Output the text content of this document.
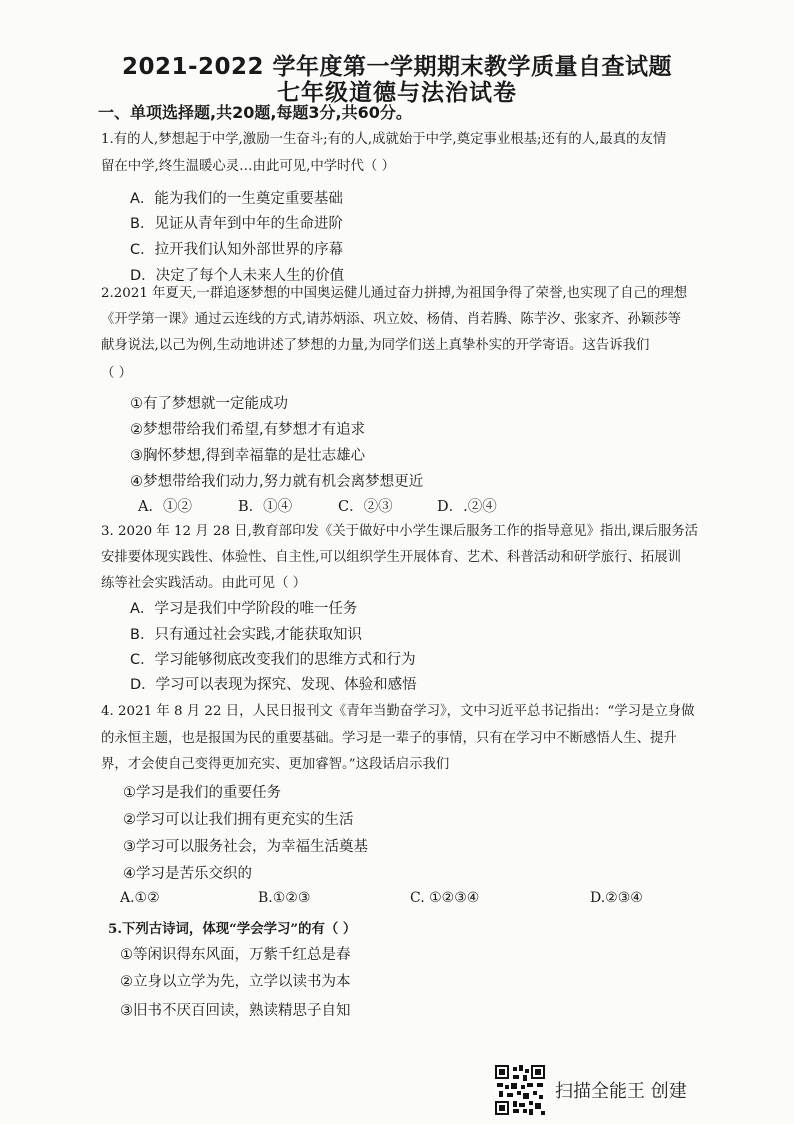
2021-2022 学年度第一学期期末教学质量自查试题
七年级道德与法治试卷
一、单项选择题,共20题,每题3分,共60分。
1.有的人,梦想起于中学,激励一生奋斗;有的人,成就始于中学,奠定事业根基;还有的人,最真的友情
留在中学,终生温暖心灵…由此可见,中学时代（ ）
A．能为我们的一生奠定重要基础
B．见证从青年到中年的生命进阶
C．拉开我们认知外部世界的序幕
D．决定了每个人未来人生的价值
2.2021 年夏天,一群追逐梦想的中国奥运健儿通过奋力拼搏,为祖国争得了荣誉,也实现了自己的理想
《开学第一课》通过云连线的方式,请苏炳添、巩立姣、杨倩、肖若腾、陈芋汐、张家齐、孙颖莎等
献身说法,以己为例,生动地讲述了梦想的力量,为同学们送上真挚朴实的开学寄语。这告诉我们
（ ）
①有了梦想就一定能成功
②梦想带给我们希望,有梦想才有追求
③胸怀梦想,得到幸福靠的是壮志雄心
④梦想带给我们动力,努力就有机会离梦想更近
A．①②	B．①④	C．②③	D．.②④
3. 2020 年 12 月 28 日,教育部印发《关于做好中小学生课后服务工作的指导意见》指出,课后服务活
安排要体现实践性、体验性、自主性,可以组织学生开展体育、艺术、科普活动和研学旅行、拓展训
练等社会实践活动。由此可见（ ）
A．学习是我们中学阶段的唯一任务
B．只有通过社会实践,才能获取知识
C．学习能够彻底改变我们的思维方式和行为
D．学习可以表现为探究、发现、体验和感悟
4. 2021 年 8 月 22 日，人民日报刊文《青年当勤奋学习》，文中习近平总书记指出：“学习是立身做
的永恒主题，也是报国为民的重要基础。学习是一辈子的事情，只有在学习中不断感悟人生、提升
界，才会使自己变得更加充实、更加睿智。”这段话启示我们
①学习是我们的重要任务
②学习可以让我们拥有更充实的生活
③学习可以服务社会，为幸福生活奠基
④学习是苦乐交织的
A.①②	B.①②③	C. ①②③④	D.②③④
5.下列古诗词，体现“学会学习”的有（ ）
①等闲识得东风面，万紫千红总是春
②立身以立学为先，立学以读书为本
③旧书不厌百回读，熟读精思子自知
扫描全能王 创建
